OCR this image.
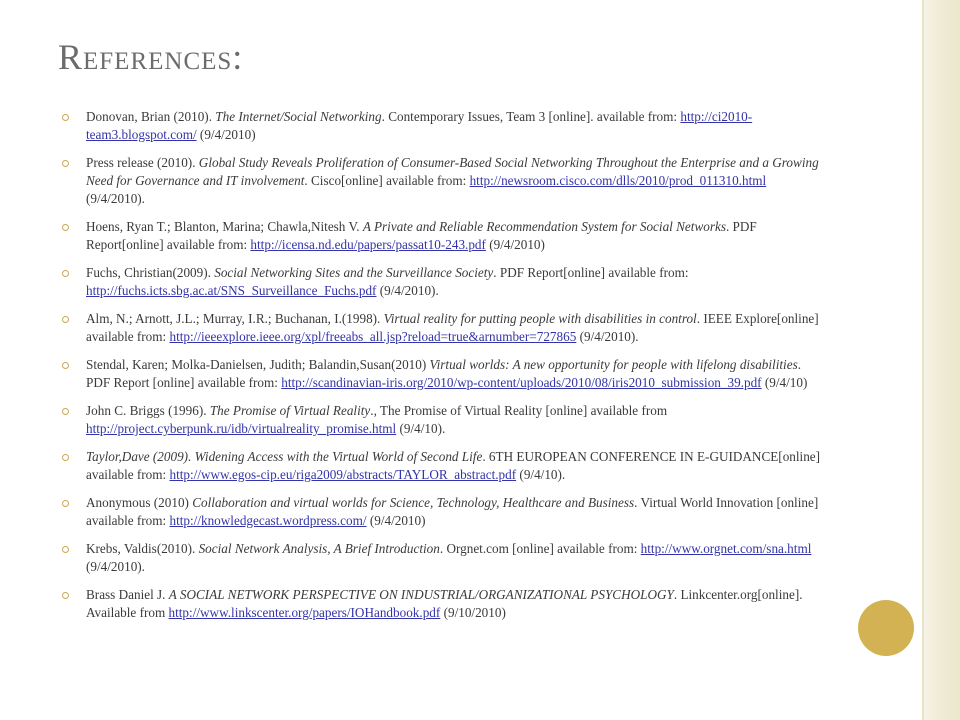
References:
Donovan, Brian (2010). The Internet/Social Networking. Contemporary Issues, Team 3 [online]. available from: http://ci2010-team3.blogspot.com/ (9/4/2010)
Press release (2010). Global Study Reveals Proliferation of Consumer-Based Social Networking Throughout the Enterprise and a Growing Need for Governance and IT involvement. Cisco[online] available from: http://newsroom.cisco.com/dlls/2010/prod_011310.html (9/4/2010).
Hoens, Ryan T.; Blanton, Marina; Chawla,Nitesh V. A Private and Reliable Recommendation System for Social Networks. PDF Report[online] available from: http://icensa.nd.edu/papers/passat10-243.pdf (9/4/2010)
Fuchs, Christian(2009). Social Networking Sites and the Surveillance Society. PDF Report[online] available from: http://fuchs.icts.sbg.ac.at/SNS_Surveillance_Fuchs.pdf (9/4/2010).
Alm, N.; Arnott, J.L.; Murray, I.R.; Buchanan, I.(1998). Virtual reality for putting people with disabilities in control. IEEE Explore[online] available from: http://ieeexplore.ieee.org/xpl/freeabs_all.jsp?reload=true&arnumber=727865 (9/4/2010).
Stendal, Karen; Molka-Danielsen, Judith; Balandin,Susan(2010) Virtual worlds: A new opportunity for people with lifelong disabilities. PDF Report [online] available from: http://scandinavian-iris.org/2010/wp-content/uploads/2010/08/iris2010_submission_39.pdf (9/4/10)
John C. Briggs (1996). The Promise of Virtual Reality., The Promise of Virtual Reality [online] available from http://project.cyberpunk.ru/idb/virtualreality_promise.html (9/4/10).
Taylor,Dave (2009). Widening Access with the Virtual World of Second Life. 6TH EUROPEAN CONFERENCE IN E-GUIDANCE[online] available from: http://www.egos-cip.eu/riga2009/abstracts/TAYLOR_abstract.pdf (9/4/10).
Anonymous (2010) Collaboration and virtual worlds for Science, Technology, Healthcare and Business. Virtual World Innovation [online] available from: http://knowledgecast.wordpress.com/ (9/4/2010)
Krebs, Valdis(2010). Social Network Analysis, A Brief Introduction. Orgnet.com [online] available from: http://www.orgnet.com/sna.html (9/4/2010).
Brass Daniel J. A SOCIAL NETWORK PERSPECTIVE ON INDUSTRIAL/ORGANIZATIONAL PSYCHOLOGY. Linkcenter.org[online]. Available from http://www.linkscenter.org/papers/IOHandbook.pdf (9/10/2010)
